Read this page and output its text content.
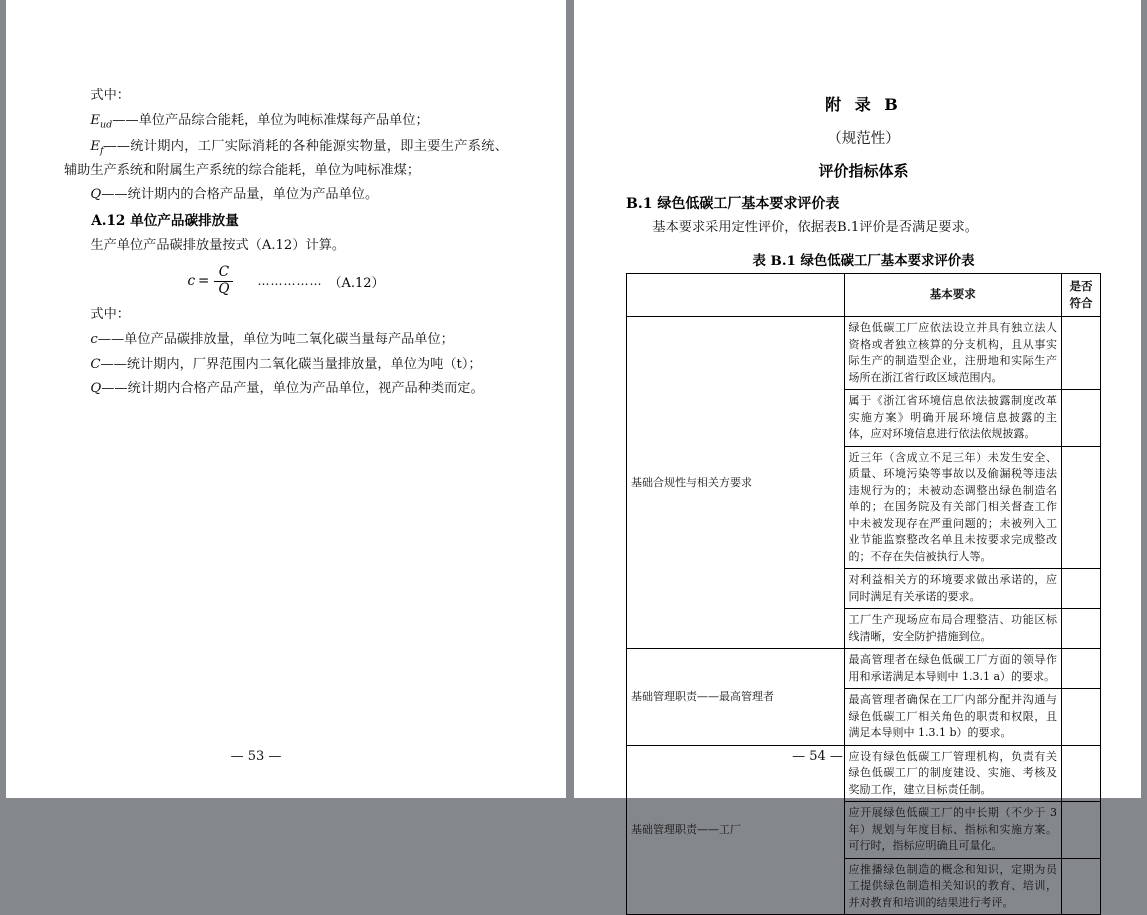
式中：

$E_{ud}——$单位产品综合能耗，单位为吨标准煤每产品单位；

$E_f——$统计期内，工厂实际消耗的各种能源实物量，即主要生产系统、辅助生产系统和附属生产系统的综合能耗，单位为吨标准煤；

Q——统计期内的合格产品量，单位为产品单位。

A.12 单位产品碳排放量

生产单位产品碳排放量按式（A.12）计算。

$c = \frac{C}{Q}$ …………… （A.12）

式中：

c——单位产品碳排放量，单位为吨二氧化碳当量每产品单位；

C——统计期内，厂界范围内二氧化碳当量排放量，单位为吨（t）；

Q——统计期内合格产品产量，单位为产品单位，视产品种类而定。

— 53 —
附 录 B
（规范性）
评价指标体系
B.1 绿色低碳工厂基本要求评价表

基本要求采用定性评价，依据表B.1评价是否满足要求。

表 B.1 绿色低碳工厂基本要求评价表
	基本要求	是否符合
基础合规性与相关方要求	绿色低碳工厂应依法设立并具有独立法人资格或者独立核算的分支机构，且从事实际生产的制造型企业，注册地和实际生产场所在浙江省行政区域范围内。	
	属于《浙江省环境信息依法披露制度改革实施方案》明确开展环境信息披露的主体，应对环境信息进行依法依规披露。	
	近三年（含成立不足三年）未发生安全、质量、环境污染等事故以及偷漏税等违法违规行为的；未被动态调整出绿色制造名单的；在国务院及有关部门相关督查工作中未被发现存在严重问题的；未被列入工业节能监察整改名单且未按要求完成整改的；不存在失信被执行人等。	
	对利益相关方的环境要求做出承诺的，应同时满足有关承诺的要求。	
	工厂生产现场应布局合理整洁、功能区标线清晰，安全防护措施到位。	
基础管理职责——最高管理者	最高管理者在绿色低碳工厂方面的领导作用和承诺满足本导则中 1.3.1 a）的要求。	
	最高管理者确保在工厂内部分配并沟通与绿色低碳工厂相关角色的职责和权限，且满足本导则中 1.3.1 b）的要求。	
基础管理职责——工厂	应设有绿色低碳工厂管理机构，负责有关绿色低碳工厂的制度建设、实施、考核及奖励工作，建立目标责任制。	
	应开展绿色低碳工厂的中长期（不少于 3 年）规划与年度目标、指标和实施方案。可行时，指标应明确且可量化。	
	应推播绿色制造的概念和知识，定期为员工提供绿色制造相关知识的教育、培训，并对教育和培训的结果进行考评。	
— 54 —
